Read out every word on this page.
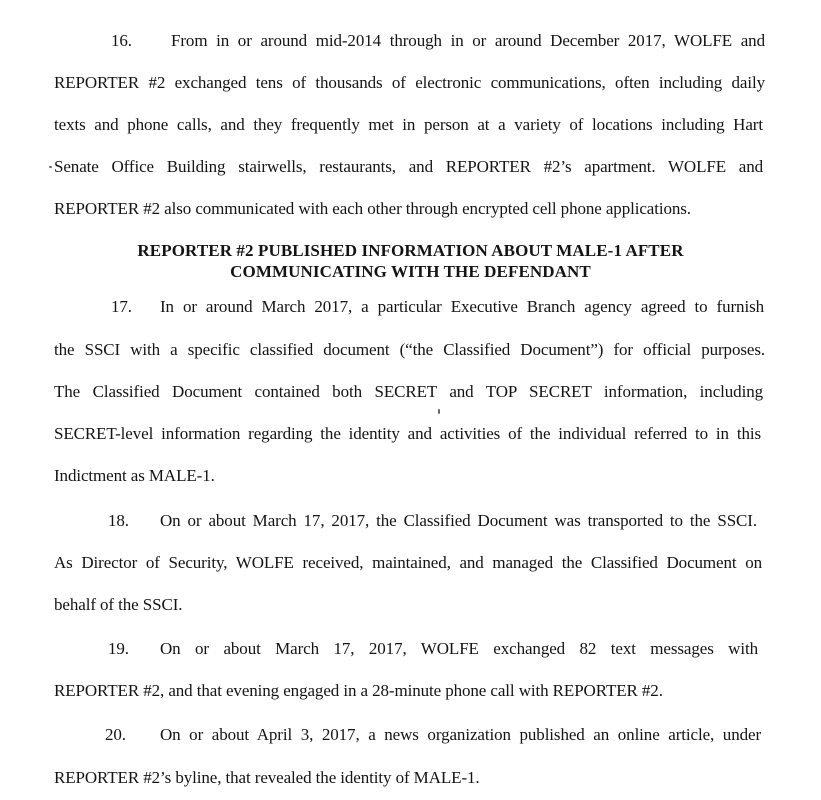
16. From in or around mid-2014 through in or around December 2017, WOLFE and
REPORTER #2 exchanged tens of thousands of electronic communications, often including daily
texts and phone calls, and they frequently met in person at a variety of locations including Hart
Senate Office Building stairwells, restaurants, and REPORTER #2’s apartment. WOLFE and
REPORTER #2 also communicated with each other through encrypted cell phone applications.
REPORTER #2 PUBLISHED INFORMATION ABOUT MALE-1 AFTER
COMMUNICATING WITH THE DEFENDANT
17. In or around March 2017, a particular Executive Branch agency agreed to furnish
the SSCI with a specific classified document (“the Classified Document”) for official purposes.
The Classified Document contained both SECRET and TOP SECRET information, including
SECRET-level information regarding the identity and activities of the individual referred to in this
Indictment as MALE-1.
18. On or about March 17, 2017, the Classified Document was transported to the SSCI.
As Director of Security, WOLFE received, maintained, and managed the Classified Document on
behalf of the SSCI.
19. On or about March 17, 2017, WOLFE exchanged 82 text messages with
REPORTER #2, and that evening engaged in a 28-minute phone call with REPORTER #2.
20. On or about April 3, 2017, a news organization published an online article, under
REPORTER #2’s byline, that revealed the identity of MALE-1.
